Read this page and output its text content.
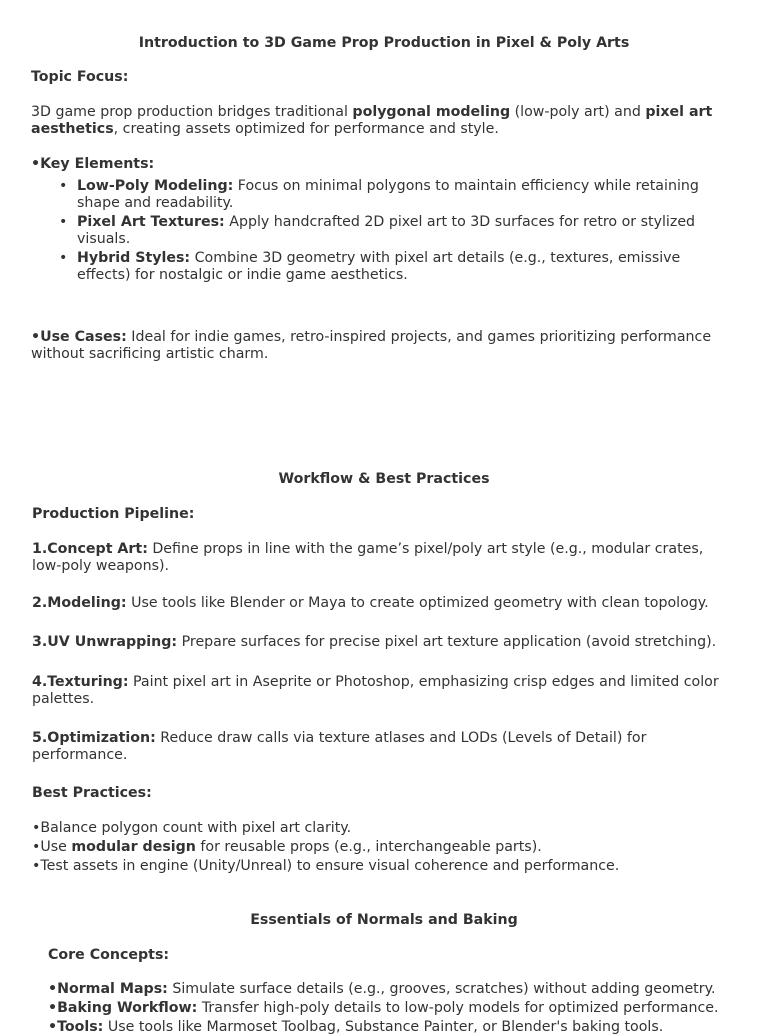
Introduction to 3D Game Prop Production in Pixel & Poly Arts

Topic Focus:

3D game prop production bridges traditional polygonal modeling (low-poly art) and pixel art aesthetics, creating assets optimized for performance and style.

•Key Elements:

• Low-Poly Modeling: Focus on minimal polygons to maintain efficiency while retaining shape and readability.
• Pixel Art Textures: Apply handcrafted 2D pixel art to 3D surfaces for retro or stylized visuals.
• Hybrid Styles: Combine 3D geometry with pixel art details (e.g., textures, emissive effects) for nostalgic or indie game aesthetics.

•Use Cases: Ideal for indie games, retro-inspired projects, and games prioritizing performance without sacrificing artistic charm.

Workflow & Best Practices

Production Pipeline:

1.Concept Art: Define props in line with the game’s pixel/poly art style (e.g., modular crates, low-poly weapons).

2.Modeling: Use tools like Blender or Maya to create optimized geometry with clean topology.

3.UV Unwrapping: Prepare surfaces for precise pixel art texture application (avoid stretching).

4.Texturing: Paint pixel art in Aseprite or Photoshop, emphasizing crisp edges and limited color palettes.

5.Optimization: Reduce draw calls via texture atlases and LODs (Levels of Detail) for performance.

Best Practices:

•Balance polygon count with pixel art clarity.

•Use modular design for reusable props (e.g., interchangeable parts).

•Test assets in engine (Unity/Unreal) to ensure visual coherence and performance.

Essentials of Normals and Baking

Core Concepts:

•Normal Maps: Simulate surface details (e.g., grooves, scratches) without adding geometry.

•Baking Workflow: Transfer high-poly details to low-poly models for optimized performance.

•Tools: Use tools like Marmoset Toolbag, Substance Painter, or Blender's baking tools.
